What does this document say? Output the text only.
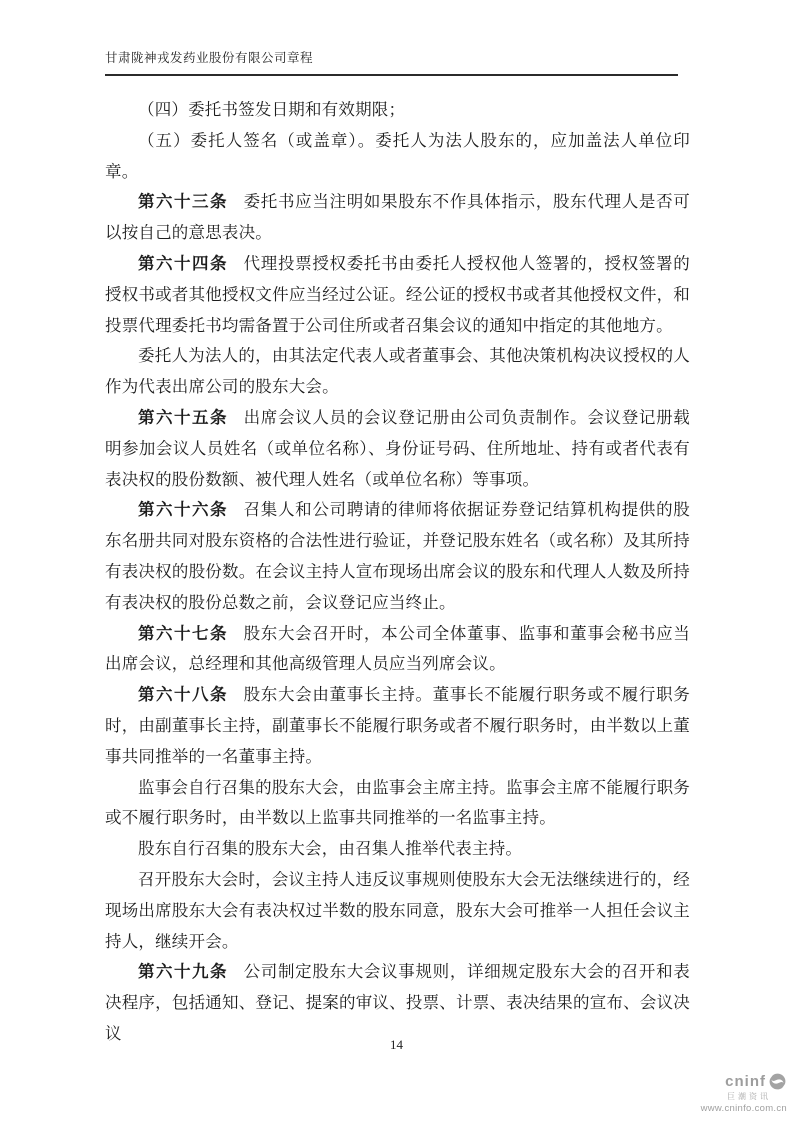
甘肃陇神戎发药业股份有限公司章程

（四）委托书签发日期和有效期限；

（五）委托人签名（或盖章）。委托人为法人股东的，应加盖法人单位印章。

第六十三条 委托书应当注明如果股东不作具体指示，股东代理人是否可以按自己的意思表决。

第六十四条 代理投票授权委托书由委托人授权他人签署的，授权签署的授权书或者其他授权文件应当经过公证。经公证的授权书或者其他授权文件，和投票代理委托书均需备置于公司住所或者召集会议的通知中指定的其他地方。

委托人为法人的，由其法定代表人或者董事会、其他决策机构决议授权的人作为代表出席公司的股东大会。

第六十五条 出席会议人员的会议登记册由公司负责制作。会议登记册载明参加会议人员姓名（或单位名称）、身份证号码、住所地址、持有或者代表有表决权的股份数额、被代理人姓名（或单位名称）等事项。

第六十六条 召集人和公司聘请的律师将依据证券登记结算机构提供的股东名册共同对股东资格的合法性进行验证，并登记股东姓名（或名称）及其所持有表决权的股份数。在会议主持人宣布现场出席会议的股东和代理人人数及所持有表决权的股份总数之前，会议登记应当终止。

第六十七条 股东大会召开时，本公司全体董事、监事和董事会秘书应当出席会议，总经理和其他高级管理人员应当列席会议。

第六十八条 股东大会由董事长主持。董事长不能履行职务或不履行职务时，由副董事长主持，副董事长不能履行职务或者不履行职务时，由半数以上董事共同推举的一名董事主持。

监事会自行召集的股东大会，由监事会主席主持。监事会主席不能履行职务或不履行职务时，由半数以上监事共同推举的一名监事主持。

股东自行召集的股东大会，由召集人推举代表主持。

召开股东大会时，会议主持人违反议事规则使股东大会无法继续进行的，经现场出席股东大会有表决权过半数的股东同意，股东大会可推举一人担任会议主持人，继续开会。

第六十九条 公司制定股东大会议事规则，详细规定股东大会的召开和表决程序，包括通知、登记、提案的审议、投票、计票、表决结果的宣布、会议决议

14
cninf
巨潮资讯
www.cninfo.com.cn
